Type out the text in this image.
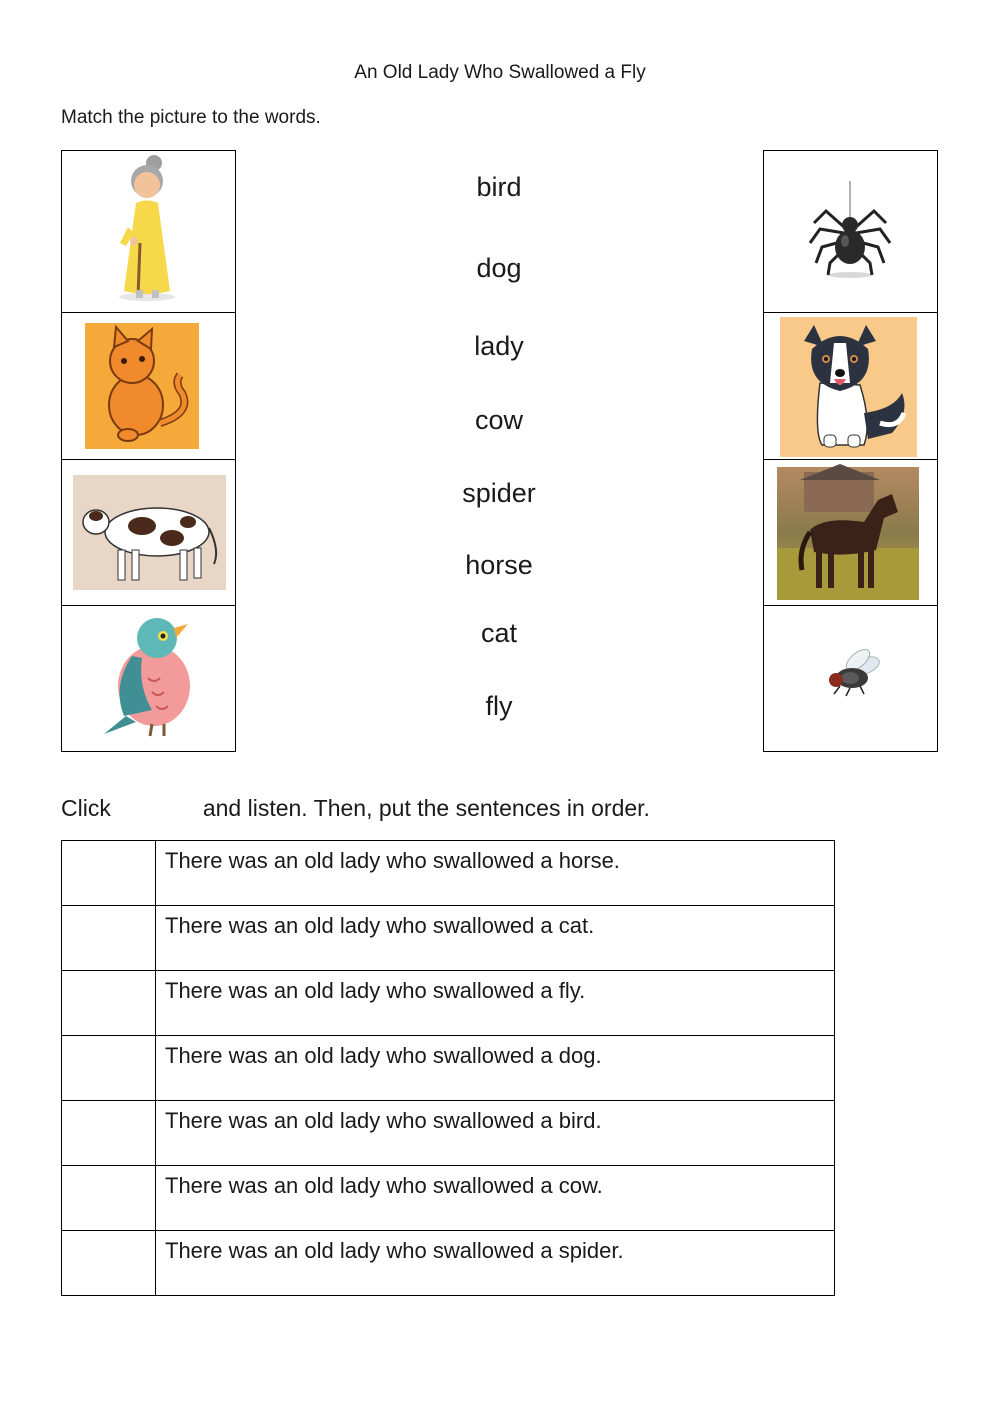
An Old Lady Who Swallowed a Fly
Match the picture to the words.
bird
dog
lady
cow
spider
horse
cat
fly
Click	and listen. Then, put the sentences in order.
	There was an old lady who swallowed a horse.
	There was an old lady who swallowed a cat.
	There was an old lady who swallowed a fly.
	There was an old lady who swallowed a dog.
	There was an old lady who swallowed a bird.
	There was an old lady who swallowed a cow.
	There was an old lady who swallowed a spider.
